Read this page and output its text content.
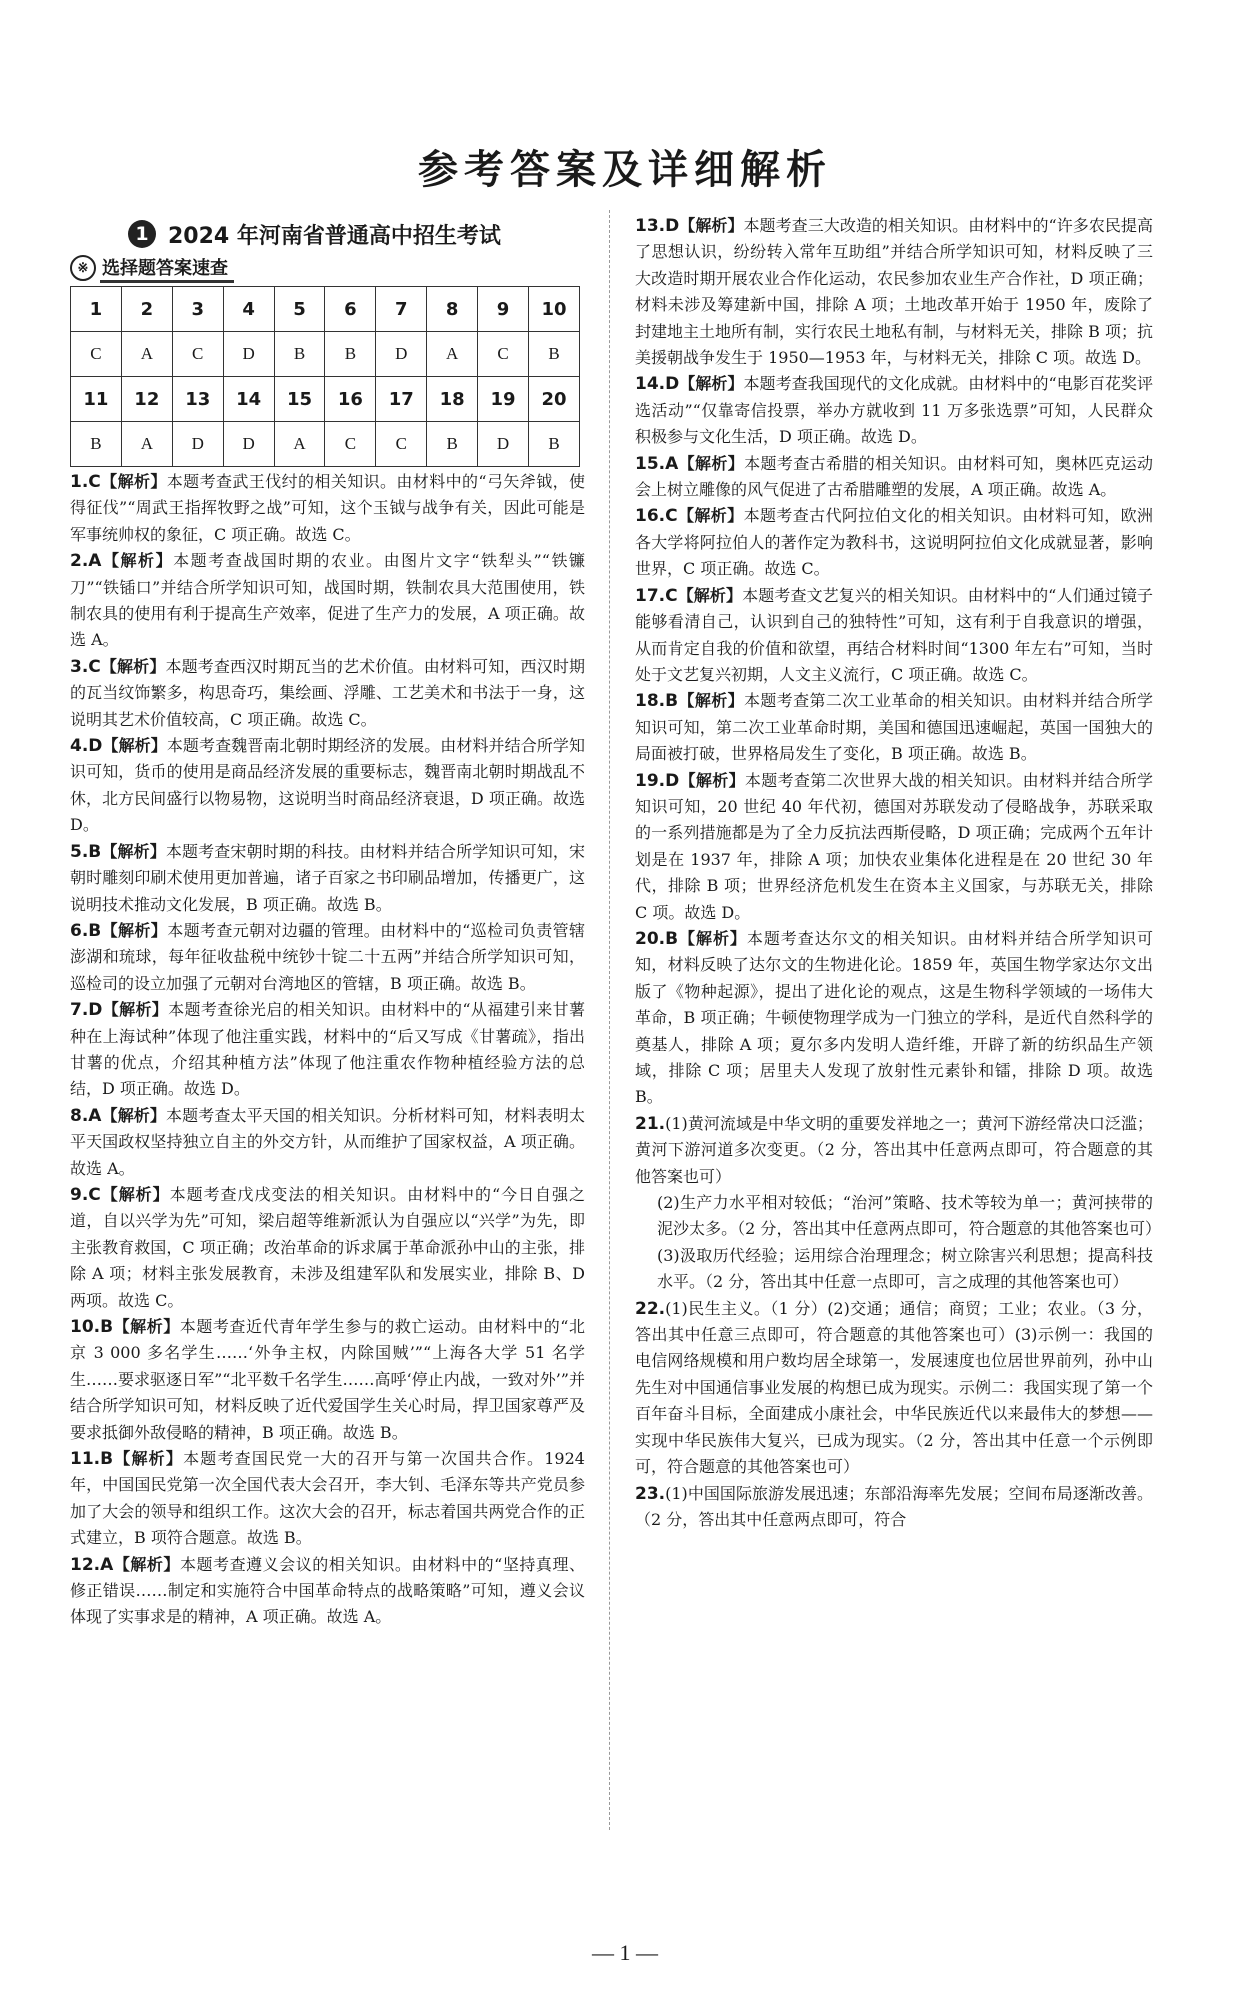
参考答案及详细解析
1 2024 年河南省普通高中招生考试
※ 选择题答案速查
1	2	3	4	5	6	7	8	9	10
C	A	C	D	B	B	D	A	C	B
11	12	13	14	15	16	17	18	19	20
B	A	D	D	A	C	C	B	D	B

1.C【解析】本题考查武王伐纣的相关知识。由材料中的“弓矢斧钺，使得征伐”“周武王指挥牧野之战”可知，这个玉钺与战争有关，因此可能是军事统帅权的象征，C 项正确。故选 C。

2.A【解析】本题考查战国时期的农业。由图片文字“铁犁头”“铁镰刀”“铁锸口”并结合所学知识可知，战国时期，铁制农具大范围使用，铁制农具的使用有利于提高生产效率，促进了生产力的发展，A 项正确。故选 A。

3.C【解析】本题考查西汉时期瓦当的艺术价值。由材料可知，西汉时期的瓦当纹饰繁多，构思奇巧，集绘画、浮雕、工艺美术和书法于一身，这说明其艺术价值较高，C 项正确。故选 C。

4.D【解析】本题考查魏晋南北朝时期经济的发展。由材料并结合所学知识可知，货币的使用是商品经济发展的重要标志，魏晋南北朝时期战乱不休，北方民间盛行以物易物，这说明当时商品经济衰退，D 项正确。故选 D。

5.B【解析】本题考查宋朝时期的科技。由材料并结合所学知识可知，宋朝时雕刻印刷术使用更加普遍，诸子百家之书印刷品增加，传播更广，这说明技术推动文化发展，B 项正确。故选 B。

6.B【解析】本题考查元朝对边疆的管理。由材料中的“巡检司负责管辖澎湖和琉球，每年征收盐税中统钞十锭二十五两”并结合所学知识可知，巡检司的设立加强了元朝对台湾地区的管辖，B 项正确。故选 B。

7.D【解析】本题考查徐光启的相关知识。由材料中的“从福建引来甘薯种在上海试种”体现了他注重实践，材料中的“后又写成《甘薯疏》，指出甘薯的优点，介绍其种植方法”体现了他注重农作物种植经验方法的总结，D 项正确。故选 D。

8.A【解析】本题考查太平天国的相关知识。分析材料可知，材料表明太平天国政权坚持独立自主的外交方针，从而维护了国家权益，A 项正确。故选 A。

9.C【解析】本题考查戊戌变法的相关知识。由材料中的“今日自强之道，自以兴学为先”可知，梁启超等维新派认为自强应以“兴学”为先，即主张教育救国，C 项正确；改治革命的诉求属于革命派孙中山的主张，排除 A 项；材料主张发展教育，未涉及组建军队和发展实业，排除 B、D 两项。故选 C。

10.B【解析】本题考查近代青年学生参与的救亡运动。由材料中的“北京 3 000 多名学生……‘外争主权，内除国贼’”“上海各大学 51 名学生……要求驱逐日军”“北平数千名学生……高呼‘停止内战，一致对外’”并结合所学知识可知，材料反映了近代爱国学生关心时局，捍卫国家尊严及要求抵御外敌侵略的精神，B 项正确。故选 B。

11.B【解析】本题考查国民党一大的召开与第一次国共合作。1924 年，中国国民党第一次全国代表大会召开，李大钊、毛泽东等共产党员参加了大会的领导和组织工作。这次大会的召开，标志着国共两党合作的正式建立，B 项符合题意。故选 B。

12.A【解析】本题考查遵义会议的相关知识。由材料中的“坚持真理、修正错误……制定和实施符合中国革命特点的战略策略”可知，遵义会议体现了实事求是的精神，A 项正确。故选 A。

13.D【解析】本题考查三大改造的相关知识。由材料中的“许多农民提高了思想认识，纷纷转入常年互助组”并结合所学知识可知，材料反映了三大改造时期开展农业合作化运动，农民参加农业生产合作社，D 项正确；材料未涉及筹建新中国，排除 A 项；土地改革开始于 1950 年，废除了封建地主土地所有制，实行农民土地私有制，与材料无关，排除 B 项；抗美援朝战争发生于 1950—1953 年，与材料无关，排除 C 项。故选 D。

14.D【解析】本题考查我国现代的文化成就。由材料中的“电影百花奖评选活动”“仅靠寄信投票，举办方就收到 11 万多张选票”可知，人民群众积极参与文化生活，D 项正确。故选 D。

15.A【解析】本题考查古希腊的相关知识。由材料可知，奥林匹克运动会上树立雕像的风气促进了古希腊雕塑的发展，A 项正确。故选 A。

16.C【解析】本题考查古代阿拉伯文化的相关知识。由材料可知，欧洲各大学将阿拉伯人的著作定为教科书，这说明阿拉伯文化成就显著，影响世界，C 项正确。故选 C。

17.C【解析】本题考查文艺复兴的相关知识。由材料中的“人们通过镜子能够看清自己，认识到自己的独特性”可知，这有利于自我意识的增强，从而肯定自我的价值和欲望，再结合材料时间“1300 年左右”可知，当时处于文艺复兴初期，人文主义流行，C 项正确。故选 C。

18.B【解析】本题考查第二次工业革命的相关知识。由材料并结合所学知识可知，第二次工业革命时期，美国和德国迅速崛起，英国一国独大的局面被打破，世界格局发生了变化，B 项正确。故选 B。

19.D【解析】本题考查第二次世界大战的相关知识。由材料并结合所学知识可知，20 世纪 40 年代初，德国对苏联发动了侵略战争，苏联采取的一系列措施都是为了全力反抗法西斯侵略，D 项正确；完成两个五年计划是在 1937 年，排除 A 项；加快农业集体化进程是在 20 世纪 30 年代，排除 B 项；世界经济危机发生在资本主义国家，与苏联无关，排除 C 项。故选 D。

20.B【解析】本题考查达尔文的相关知识。由材料并结合所学知识可知，材料反映了达尔文的生物进化论。1859 年，英国生物学家达尔文出版了《物种起源》，提出了进化论的观点，这是生物科学领域的一场伟大革命，B 项正确；牛顿使物理学成为一门独立的学科，是近代自然科学的奠基人，排除 A 项；夏尔多内发明人造纤维，开辟了新的纺织品生产领域，排除 C 项；居里夫人发现了放射性元素钋和镭，排除 D 项。故选 B。

21.(1)黄河流域是中华文明的重要发祥地之一；黄河下游经常决口泛滥；黄河下游河道多次变更。（2 分，答出其中任意两点即可，符合题意的其他答案也可）
(2)生产力水平相对较低；“治河”策略、技术等较为单一；黄河挟带的泥沙太多。（2 分，答出其中任意两点即可，符合题意的其他答案也可）(3)汲取历代经验；运用综合治理理念；树立除害兴利思想；提高科技水平。（2 分，答出其中任意一点即可，言之成理的其他答案也可）

22.(1)民生主义。（1 分）(2)交通；通信；商贸；工业；农业。（3 分，答出其中任意三点即可，符合题意的其他答案也可）(3)示例一：我国的电信网络规模和用户数均居全球第一，发展速度也位居世界前列，孙中山先生对中国通信事业发展的构想已成为现实。示例二：我国实现了第一个百年奋斗目标，全面建成小康社会，中华民族近代以来最伟大的梦想——实现中华民族伟大复兴，已成为现实。（2 分，答出其中任意一个示例即可，符合题意的其他答案也可）

23.(1)中国国际旅游发展迅速；东部沿海率先发展；空间布局逐渐改善。（2 分，答出其中任意两点即可，符合

— 1 —
